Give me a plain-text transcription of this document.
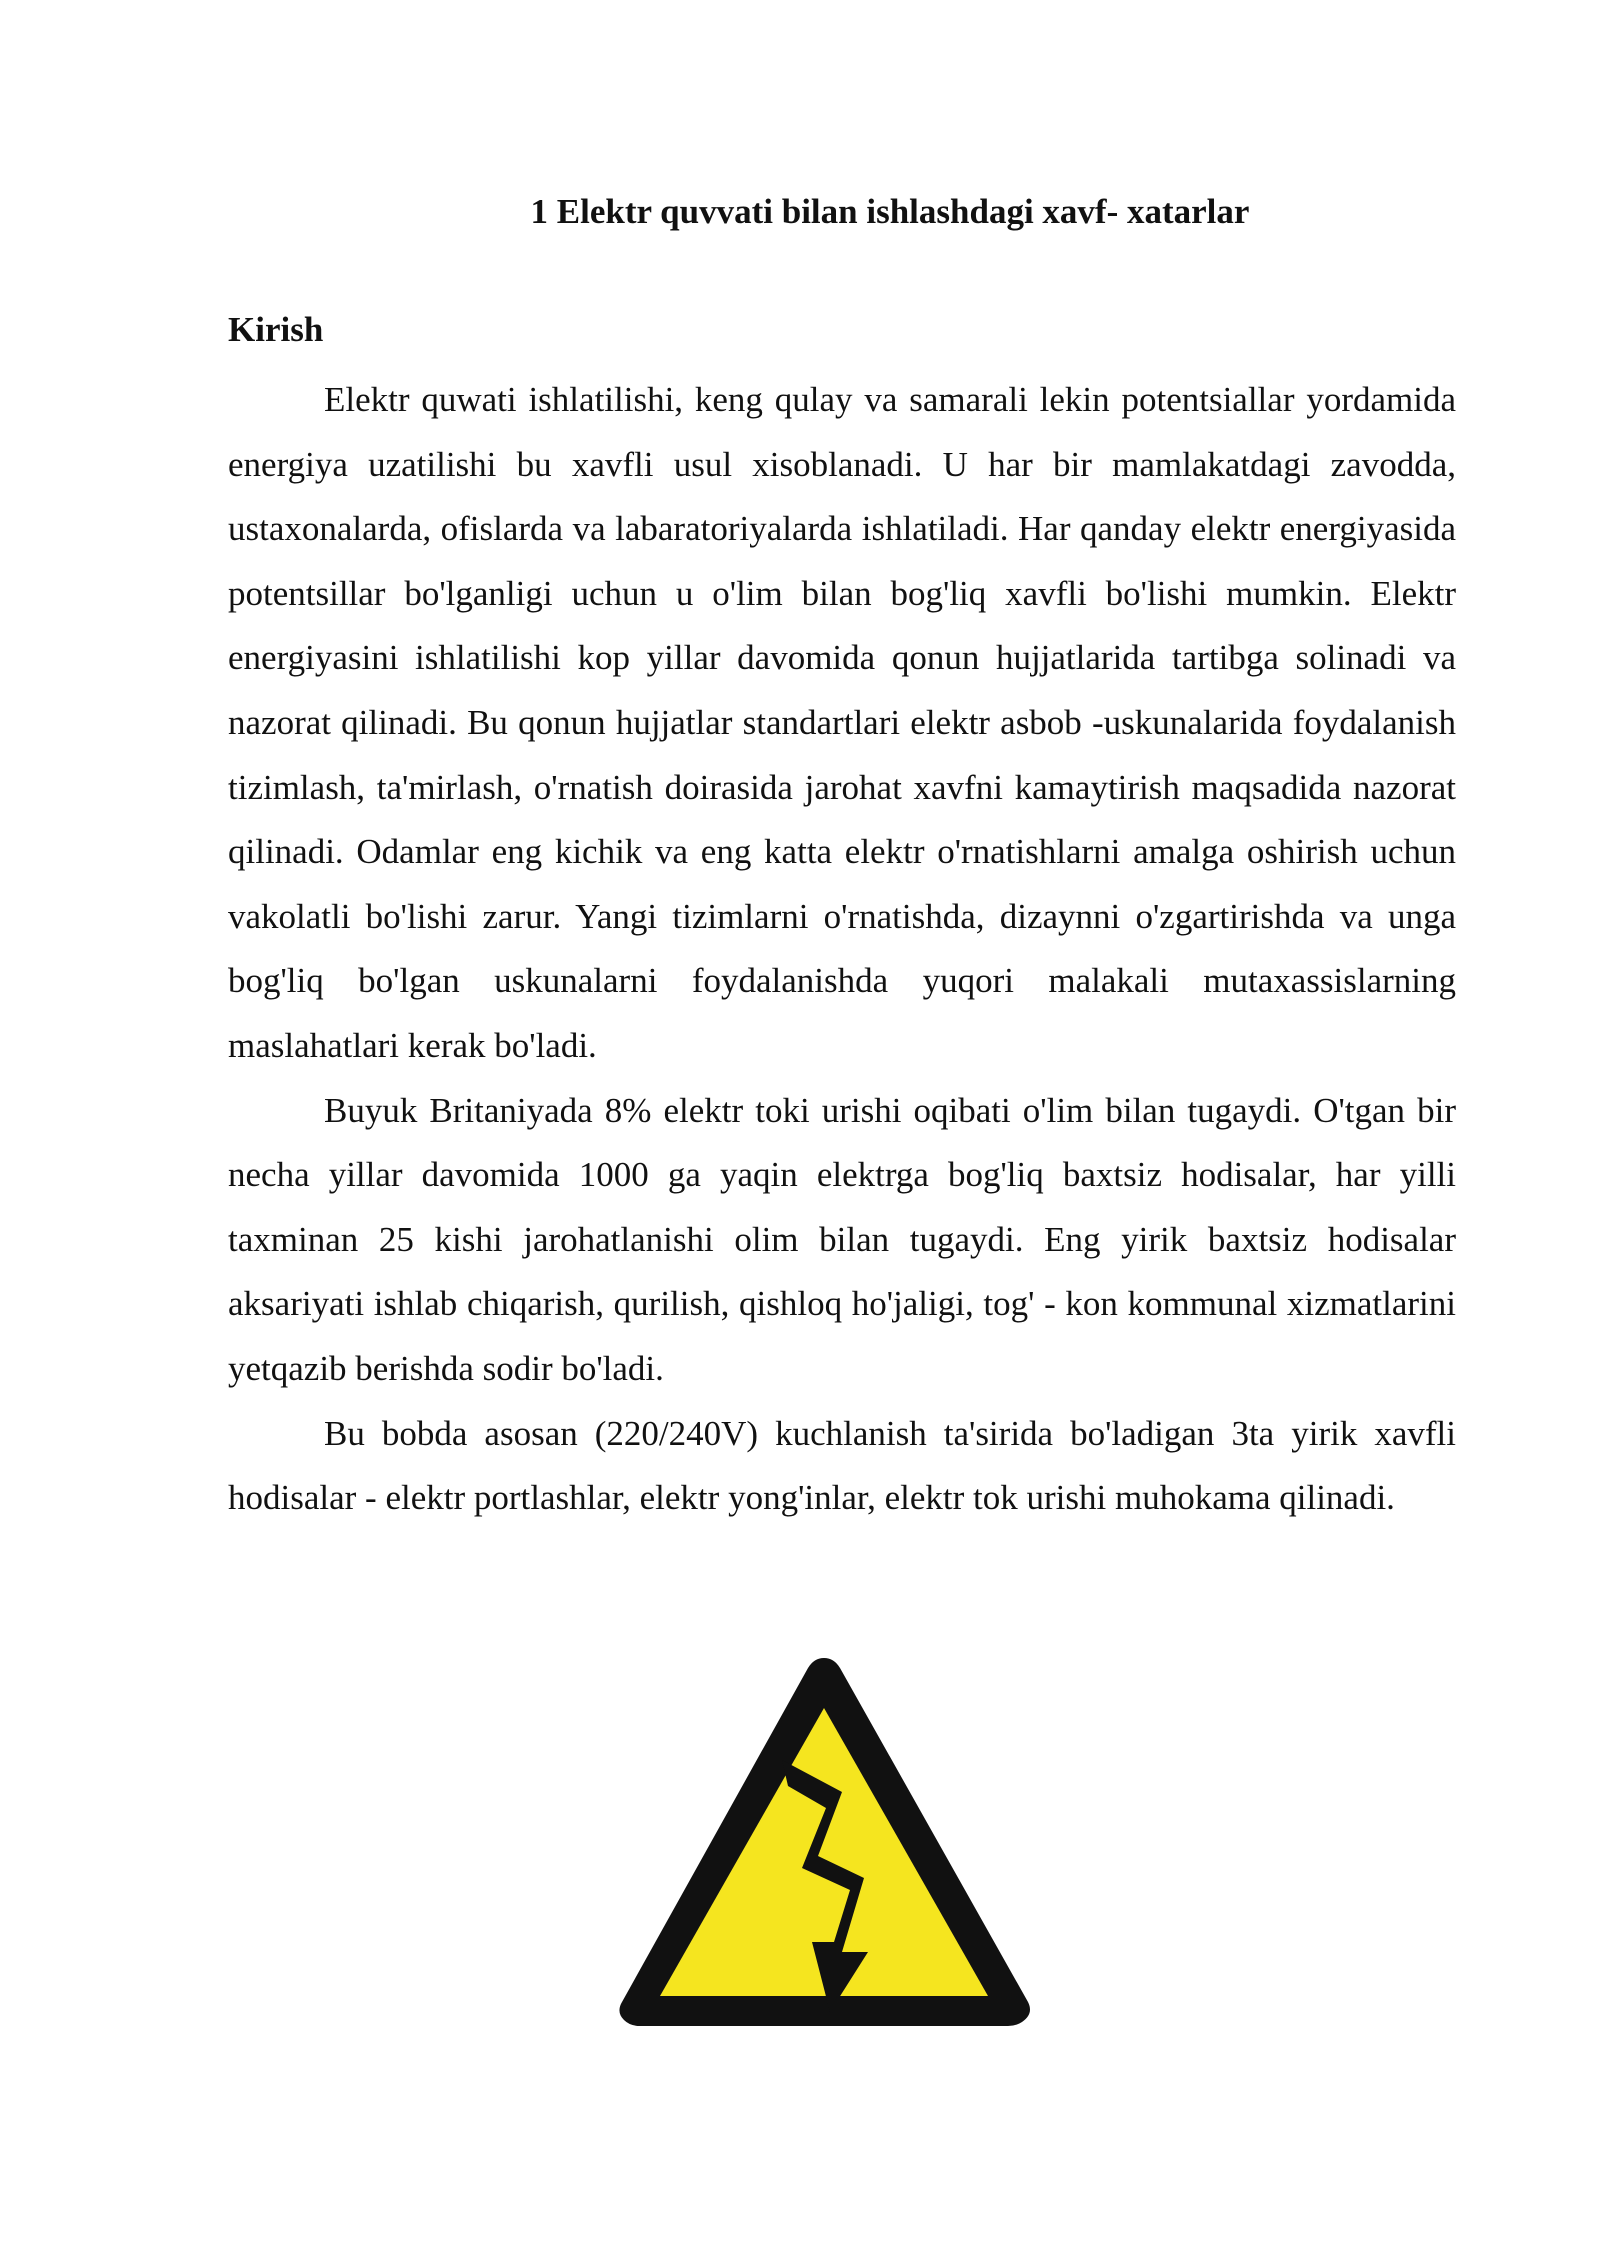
1 Elektr quvvati bilan ishlashdagi xavf- xatarlar
Kirish

Elektr quwati ishlatilishi, keng qulay va samarali lekin potentsiallar yordamida energiya uzatilishi bu xavfli usul xisoblanadi. U har bir mamlakatdagi zavodda, ustaxonalarda, ofislarda va labaratoriyalarda ishlatiladi. Har qanday elektr energiyasida potentsillar bo'lganligi uchun u o'lim bilan bog'liq xavfli bo'lishi mumkin. Elektr energiyasini ishlatilishi kop yillar davomida qonun hujjatlarida tartibga solinadi va nazorat qilinadi. Bu qonun hujjatlar standartlari elektr asbob -uskunalarida foydalanish tizimlash, ta'mirlash, o'rnatish doirasida jarohat xavfni kamaytirish maqsadida nazorat qilinadi. Odamlar eng kichik va eng katta elektr o'rnatishlarni amalga oshirish uchun vakolatli bo'lishi zarur. Yangi tizimlarni o'rnatishda, dizaynni o'zgartirishda va unga bog'liq bo'lgan uskunalarni foydalanishda yuqori malakali mutaxassislarning maslahatlari kerak bo'ladi.

Buyuk Britaniyada 8% elektr toki urishi oqibati o'lim bilan tugaydi. O'tgan bir necha yillar davomida 1000 ga yaqin elektrga bog'liq baxtsiz hodisalar, har yilli taxminan 25 kishi jarohatlanishi olim bilan tugaydi. Eng yirik baxtsiz hodisalar aksariyati ishlab chiqarish, qurilish, qishloq ho'jaligi, tog' - kon kommunal xizmatlarini yetqazib berishda sodir bo'ladi.

Bu bobda asosan (220/240V) kuchlanish ta'sirida bo'ladigan 3ta yirik xavfli hodisalar - elektr portlashlar, elektr yong'inlar, elektr tok urishi muhokama qilinadi.
